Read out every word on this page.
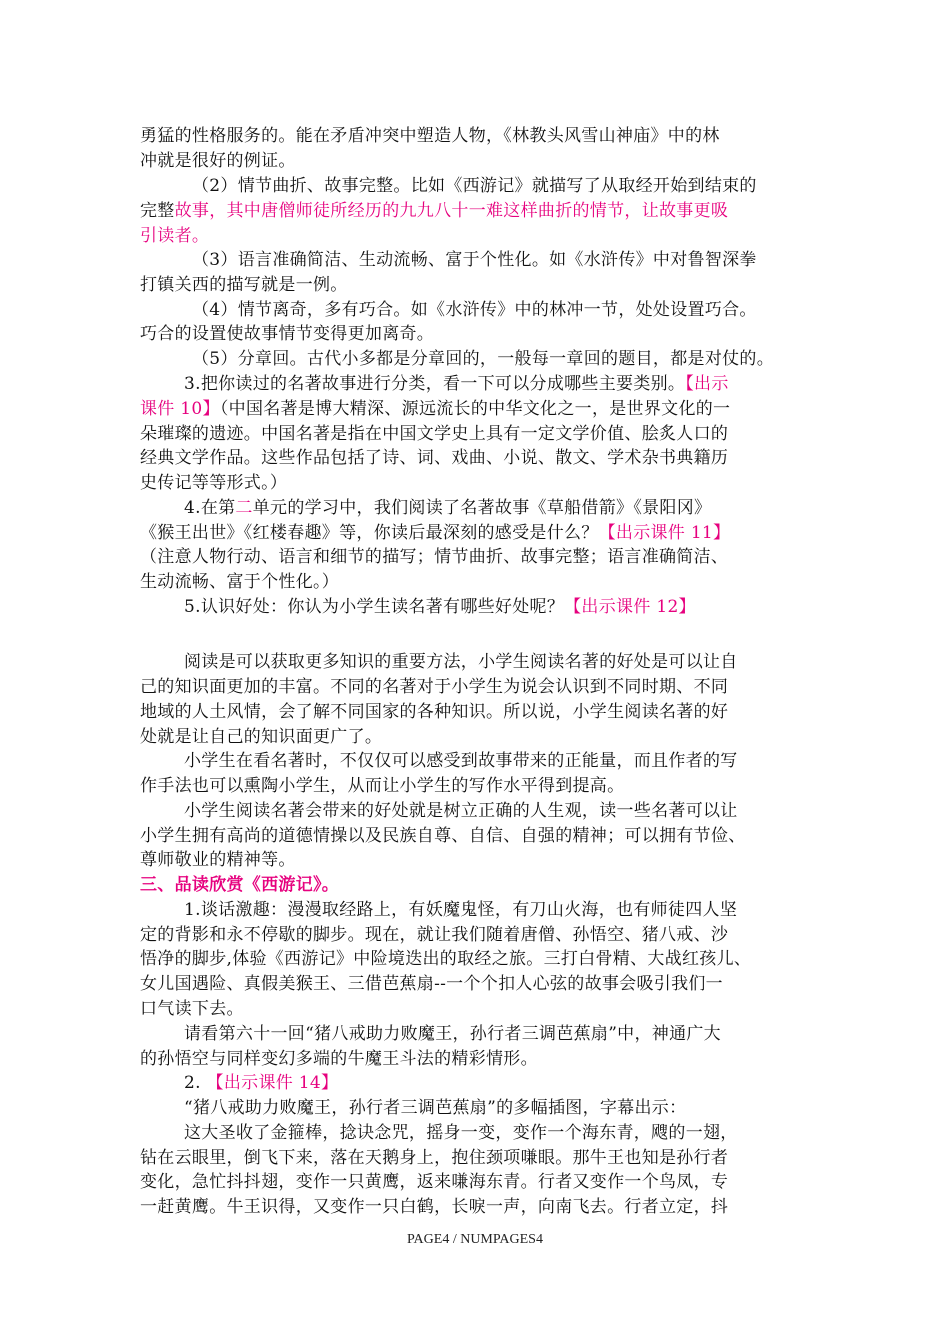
勇猛的性格服务的。能在矛盾冲突中塑造人物，《林教头风雪山神庙》中的林
冲就是很好的例证。
（2）情节曲折、故事完整。比如《西游记》就描写了从取经开始到结束的
完整故事，其中唐僧师徒所经历的九九八十一难这样曲折的情节，让故事更吸
引读者。
（3）语言准确简洁、生动流畅、富于个性化。如《水浒传》中对鲁智深拳
打镇关西的描写就是一例。
（4）情节离奇，多有巧合。如《水浒传》中的林冲一节，处处设置巧合。
巧合的设置使故事情节变得更加离奇。
（5）分章回。古代小多都是分章回的，一般每一章回的题目，都是对仗的。
3.把你读过的名著故事进行分类，看一下可以分成哪些主要类别。【出示
课件 10】（中国名著是博大精深、源远流长的中华文化之一，是世界文化的一
朵璀璨的遗迹。中国名著是指在中国文学史上具有一定文学价值、脍炙人口的
经典文学作品。这些作品包括了诗、词、戏曲、小说、散文、学术杂书典籍历
史传记等等形式。）
4.在第二单元的学习中，我们阅读了名著故事《草船借箭》《景阳冈》
《猴王出世》《红楼春趣》等，你读后最深刻的感受是什么？【出示课件 11】
（注意人物行动、语言和细节的描写；情节曲折、故事完整；语言准确简洁、
生动流畅、富于个性化。）
5.认识好处：你认为小学生读名著有哪些好处呢？【出示课件 12】
阅读是可以获取更多知识的重要方法，小学生阅读名著的好处是可以让自
己的知识面更加的丰富。不同的名著对于小学生为说会认识到不同时期、不同
地域的人土风情，会了解不同国家的各种知识。所以说，小学生阅读名著的好
处就是让自己的知识面更广了。
小学生在看名著时，不仅仅可以感受到故事带来的正能量，而且作者的写
作手法也可以熏陶小学生，从而让小学生的写作水平得到提高。
小学生阅读名著会带来的好处就是树立正确的人生观，读一些名著可以让
小学生拥有高尚的道德情操以及民族自尊、自信、自强的精神；可以拥有节俭、
尊师敬业的精神等。
三、品读欣赏《西游记》。
1.谈话激趣：漫漫取经路上，有妖魔鬼怪，有刀山火海，也有师徒四人坚
定的背影和永不停歇的脚步。现在，就让我们随着唐僧、孙悟空、猪八戒、沙
悟净的脚步,体验《西游记》中险境迭出的取经之旅。三打白骨精、大战红孩儿、
女儿国遇险、真假美猴王、三借芭蕉扇--一个个扣人心弦的故事会吸引我们一
口气读下去。
请看第六十一回“猪八戒助力败魔王，孙行者三调芭蕉扇”中，神通广大
的孙悟空与同样变幻多端的牛魔王斗法的精彩情形。
2. 【出示课件 14】
“猪八戒助力败魔王，孙行者三调芭蕉扇”的多幅插图，字幕出示：
这大圣收了金箍棒，捻诀念咒，摇身一变，变作一个海东青，飕的一翅，
钻在云眼里，倒飞下来，落在天鹅身上，抱住颈项嗛眼。那牛王也知是孙行者
变化，急忙抖抖翅，变作一只黄鹰，返来嗛海东青。行者又变作一个鸟凤，专
一赶黄鹰。牛王识得，又变作一只白鹤，长唳一声，向南飞去。行者立定，抖
PAGE4 / NUMPAGES4
